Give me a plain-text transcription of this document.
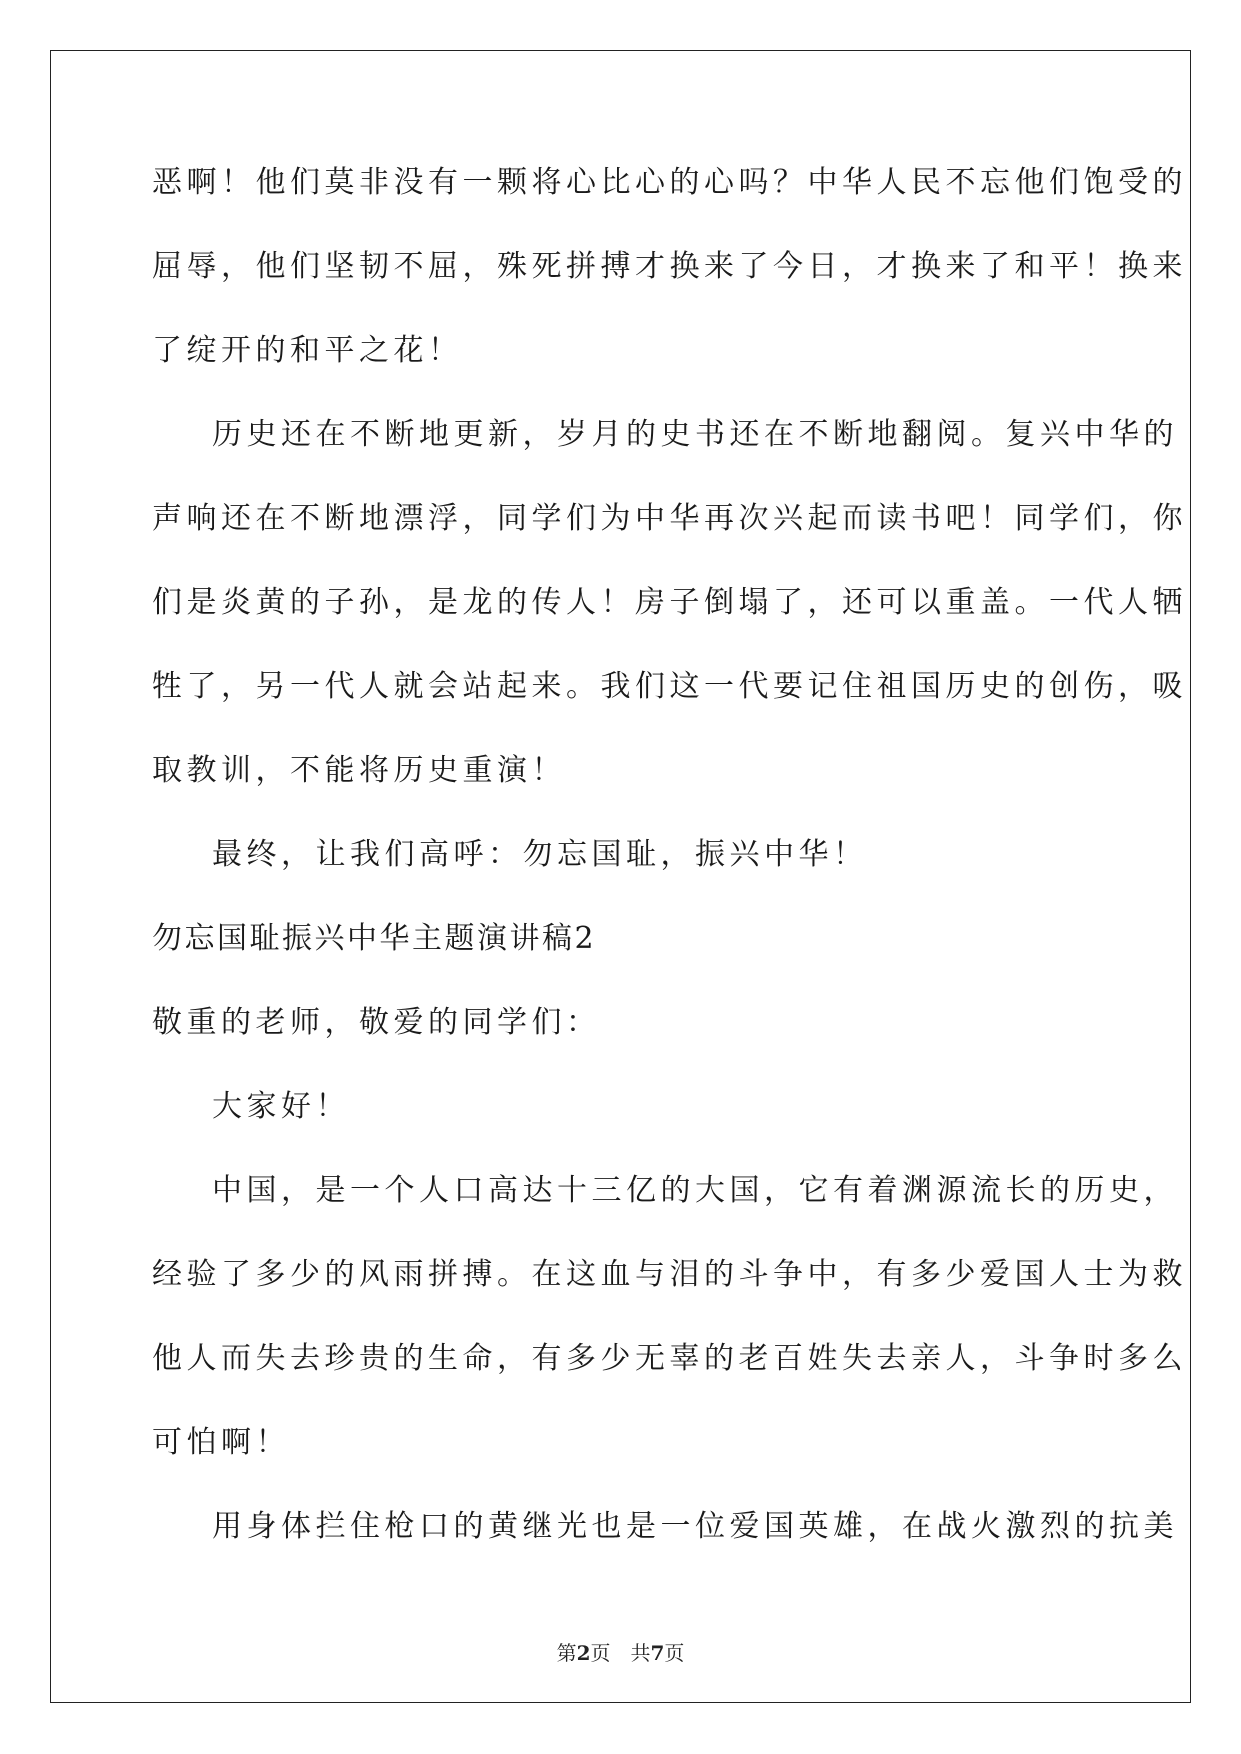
恶啊！他们莫非没有一颗将心比心的心吗？中华人民不忘他们饱受的
屈辱，他们坚韧不屈，殊死拼搏才换来了今日，才换来了和平！换来
了绽开的和平之花！
历史还在不断地更新，岁月的史书还在不断地翻阅。复兴中华的
声响还在不断地漂浮，同学们为中华再次兴起而读书吧！同学们，你
们是炎黄的子孙，是龙的传人！房子倒塌了，还可以重盖。一代人牺
牲了，另一代人就会站起来。我们这一代要记住祖国历史的创伤，吸
取教训，不能将历史重演！
最终，让我们高呼：勿忘国耻，振兴中华！
勿忘国耻振兴中华主题演讲稿2
敬重的老师，敬爱的同学们：
大家好！
中国，是一个人口高达十三亿的大国，它有着渊源流长的历史，
经验了多少的风雨拼搏。在这血与泪的斗争中，有多少爱国人士为救
他人而失去珍贵的生命，有多少无辜的老百姓失去亲人，斗争时多么
可怕啊！
用身体拦住枪口的黄继光也是一位爱国英雄，在战火激烈的抗美
第2页 共7页
